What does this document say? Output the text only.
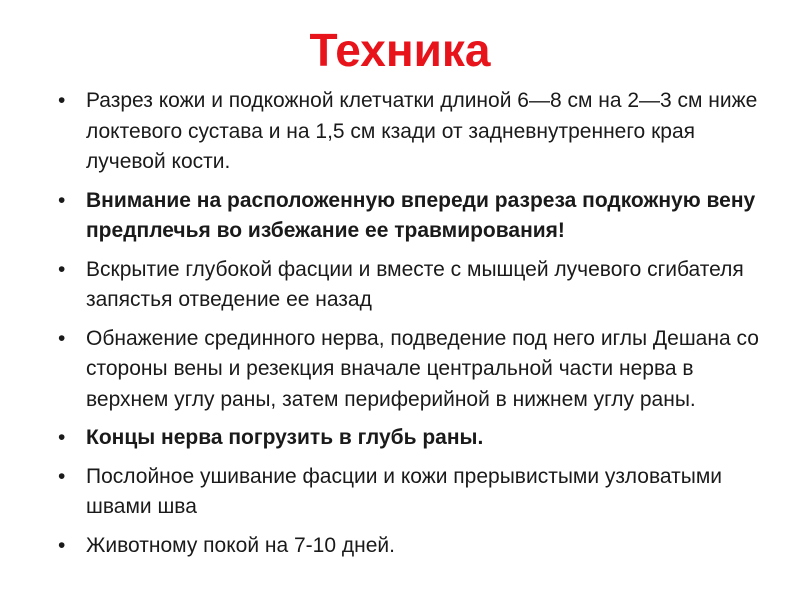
Техника
• Разрез кожи и подкожной клетчатки длиной 6—8 см на 2—3 см ниже локтевого сустава и на 1,5 см кзади от задневнутреннего края лучевой кости.
• Внимание на расположенную впереди разреза подкожную вену предплечья во избежание ее травмирования!
• Вскрытие глубокой фасции и вместе с мышцей лучевого сгибателя запястья отведение ее назад
• Обнажение срединного нерва, подведение под него иглы Дешана со стороны вены и резекция вначале центральной части нерва в верхнем углу раны, затем периферийной в нижнем углу раны.
• Концы нерва погрузить в глубь раны.
• Послойное ушивание фасции и кожи прерывистыми узловатыми швами шва
• Животному покой на 7-10 дней.
